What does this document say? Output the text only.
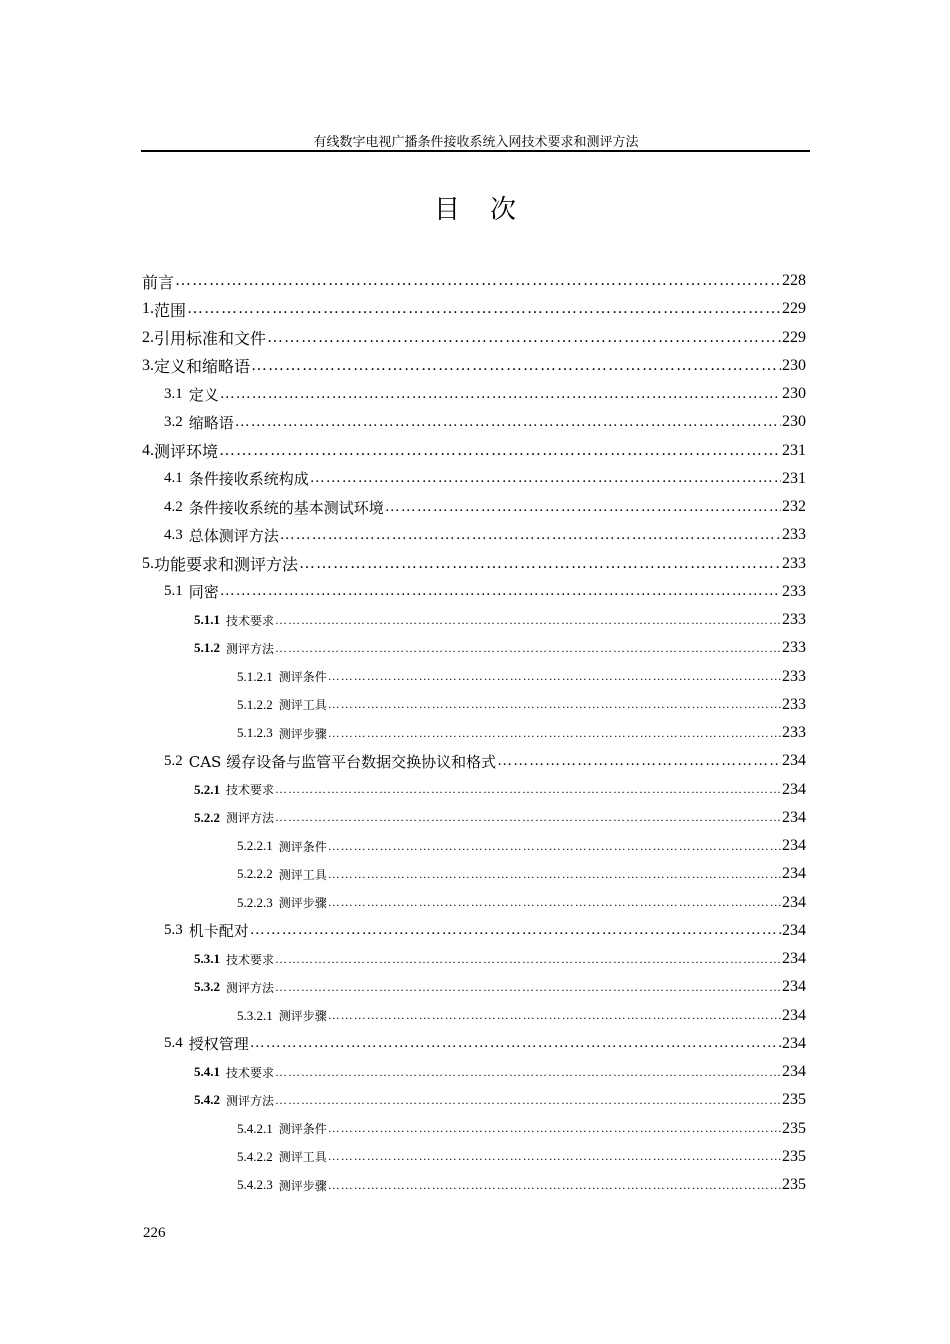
有线数字电视广播条件接收系统入网技术要求和测评方法
目次
前言 ……………………………………………………………………………………………………………………………………………………………………………………	228
1. 范围 ……………………………………………………………………………………………………………………………………………………………………………………	229
2. 引用标准和文件 ……………………………………………………………………………………………………………………………………………………………………………………	229
3. 定义和缩略语 ……………………………………………………………………………………………………………………………………………………………………………………	230
3.1 定义 ……………………………………………………………………………………………………………………………………………………………………………………	230
3.2 缩略语 ……………………………………………………………………………………………………………………………………………………………………………………	230
4. 测评环境 ……………………………………………………………………………………………………………………………………………………………………………………	231
4.1 条件接收系统构成 ……………………………………………………………………………………………………………………………………………………………………………………	231
4.2 条件接收系统的基本测试环境 ……………………………………………………………………………………………………………………………………………………………………………………	232
4.3 总体测评方法 ……………………………………………………………………………………………………………………………………………………………………………………	233
5. 功能要求和测评方法 ……………………………………………………………………………………………………………………………………………………………………………………	233
5.1 同密 ……………………………………………………………………………………………………………………………………………………………………………………	233
5.1.1 技术要求 ……………………………………………………………………………………………………………………………………………………………………………………	233
5.1.2 测评方法 ……………………………………………………………………………………………………………………………………………………………………………………	233
5.1.2.1 测评条件 ……………………………………………………………………………………………………………………………………………………………………………………	233
5.1.2.2 测评工具 ……………………………………………………………………………………………………………………………………………………………………………………	233
5.1.2.3 测评步骤 ……………………………………………………………………………………………………………………………………………………………………………………	233
5.2 CAS 缓存设备与监管平台数据交换协议和格式 ……………………………………………………………………………………………………………………………………………………………………………………	234
5.2.1 技术要求 ……………………………………………………………………………………………………………………………………………………………………………………	234
5.2.2 测评方法 ……………………………………………………………………………………………………………………………………………………………………………………	234
5.2.2.1 测评条件 ……………………………………………………………………………………………………………………………………………………………………………………	234
5.2.2.2 测评工具 ……………………………………………………………………………………………………………………………………………………………………………………	234
5.2.2.3 测评步骤 ……………………………………………………………………………………………………………………………………………………………………………………	234
5.3 机卡配对 ……………………………………………………………………………………………………………………………………………………………………………………	234
5.3.1 技术要求 ……………………………………………………………………………………………………………………………………………………………………………………	234
5.3.2 测评方法 ……………………………………………………………………………………………………………………………………………………………………………………	234
5.3.2.1 测评步骤 ……………………………………………………………………………………………………………………………………………………………………………………	234
5.4 授权管理 ……………………………………………………………………………………………………………………………………………………………………………………	234
5.4.1 技术要求 ……………………………………………………………………………………………………………………………………………………………………………………	234
5.4.2 测评方法 ……………………………………………………………………………………………………………………………………………………………………………………	235
5.4.2.1 测评条件 ……………………………………………………………………………………………………………………………………………………………………………………	235
5.4.2.2 测评工具 ……………………………………………………………………………………………………………………………………………………………………………………	235
5.4.2.3 测评步骤 ……………………………………………………………………………………………………………………………………………………………………………………	235
226
